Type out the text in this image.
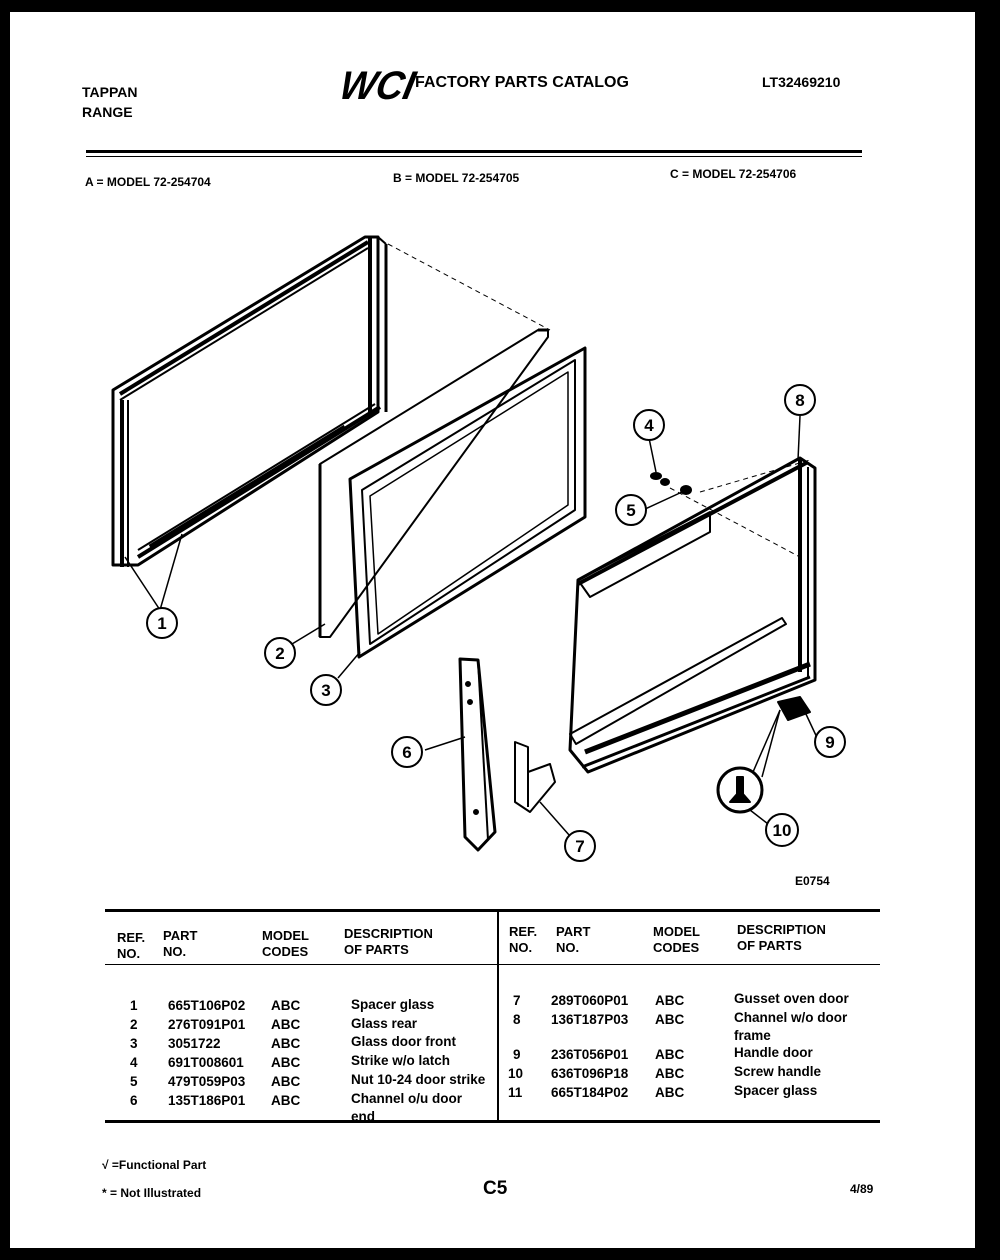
TAPPAN
RANGE
WCI
FACTORY PARTS CATALOG	LT32469210
A = MODEL 72-254704	B = MODEL 72-254705	C = MODEL 72-254706
1
2
3
4
5
6
7
8
9
10
E0754
REF.
NO.
PART
NO.
MODEL
CODES
DESCRIPTION
OF PARTS
REF.
NO.
PART
NO.
MODEL
CODES
DESCRIPTION
OF PARTS
1 665T106P02 ABC	Spacer glass
2 276T091P01 ABC	Glass rear
3 3051722	ABC	Glass door front
4 691T008601 ABC	Strike w/o latch
5 479T059P03 ABC	Nut 10-24 door strike
6 135T186P01 ABC	Channel o/u door
end
7 289T060P01 ABC	Gusset oven door
8 136T187P03 ABC	Channel w/o door
frame
9 236T056P01 ABC	Handle door
10 636T096P18 ABC	Screw handle
11 665T184P02 ABC	Spacer glass
√ =Functional Part
* = Not Illustrated	C5	4/89
